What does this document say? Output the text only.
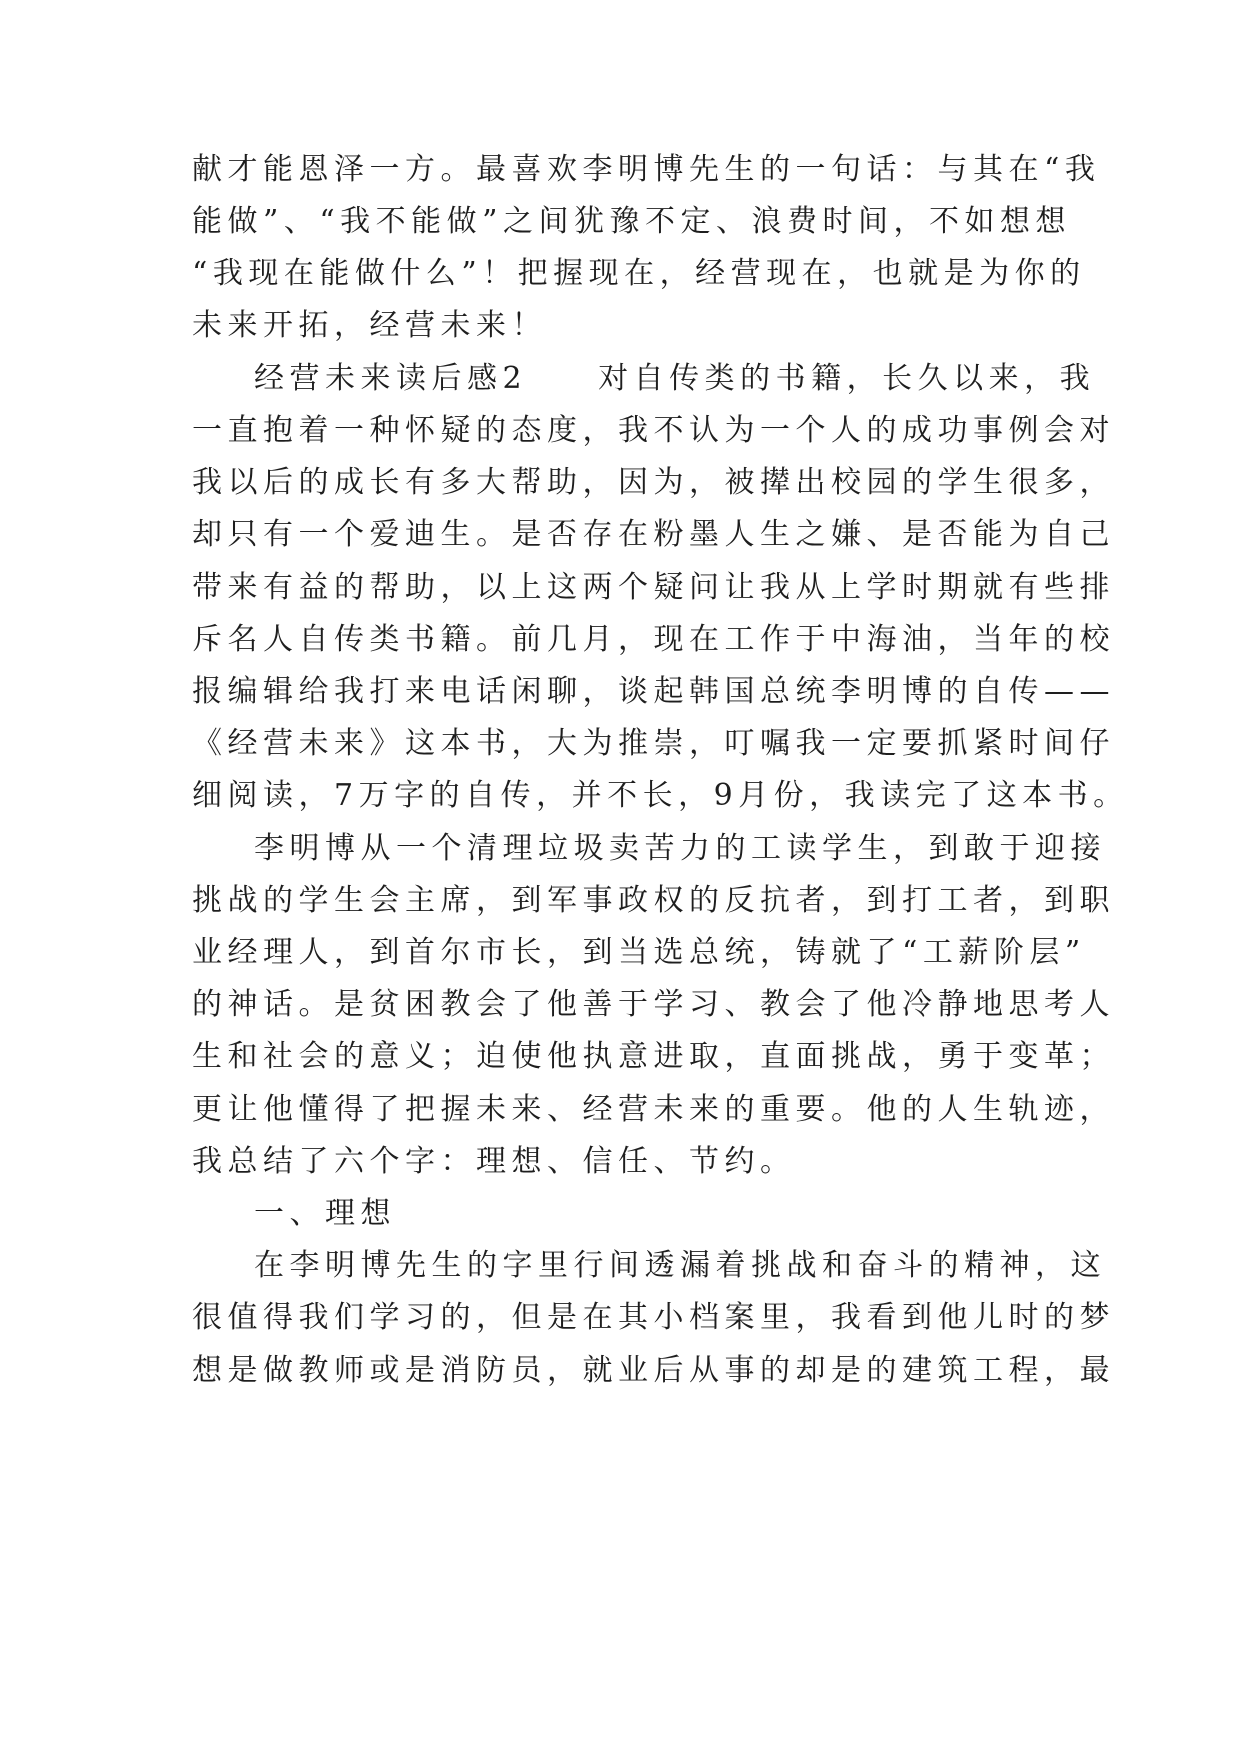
献才能恩泽一方。最喜欢李明博先生的一句话：与其在“我
能做”、“我不能做”之间犹豫不定、浪费时间，不如想想
“我现在能做什么”！把握现在，经营现在，也就是为你的
未来开拓，经营未来！
经营未来读后感2　　对自传类的书籍，长久以来，我
一直抱着一种怀疑的态度，我不认为一个人的成功事例会对
我以后的成长有多大帮助，因为，被撵出校园的学生很多，
却只有一个爱迪生。是否存在粉墨人生之嫌、是否能为自己
带来有益的帮助，以上这两个疑问让我从上学时期就有些排
斥名人自传类书籍。前几月，现在工作于中海油，当年的校
报编辑给我打来电话闲聊，谈起韩国总统李明博的自传——
《经营未来》这本书，大为推崇，叮嘱我一定要抓紧时间仔
细阅读，7万字的自传，并不长，9月份，我读完了这本书。
李明博从一个清理垃圾卖苦力的工读学生，到敢于迎接
挑战的学生会主席，到军事政权的反抗者，到打工者，到职
业经理人，到首尔市长，到当选总统，铸就了“工薪阶层”
的神话。是贫困教会了他善于学习、教会了他冷静地思考人
生和社会的意义；迫使他执意进取，直面挑战，勇于变革；
更让他懂得了把握未来、经营未来的重要。他的人生轨迹，
我总结了六个字：理想、信任、节约。
一、理想
在李明博先生的字里行间透漏着挑战和奋斗的精神，这
很值得我们学习的，但是在其小档案里，我看到他儿时的梦
想是做教师或是消防员，就业后从事的却是的建筑工程，最
